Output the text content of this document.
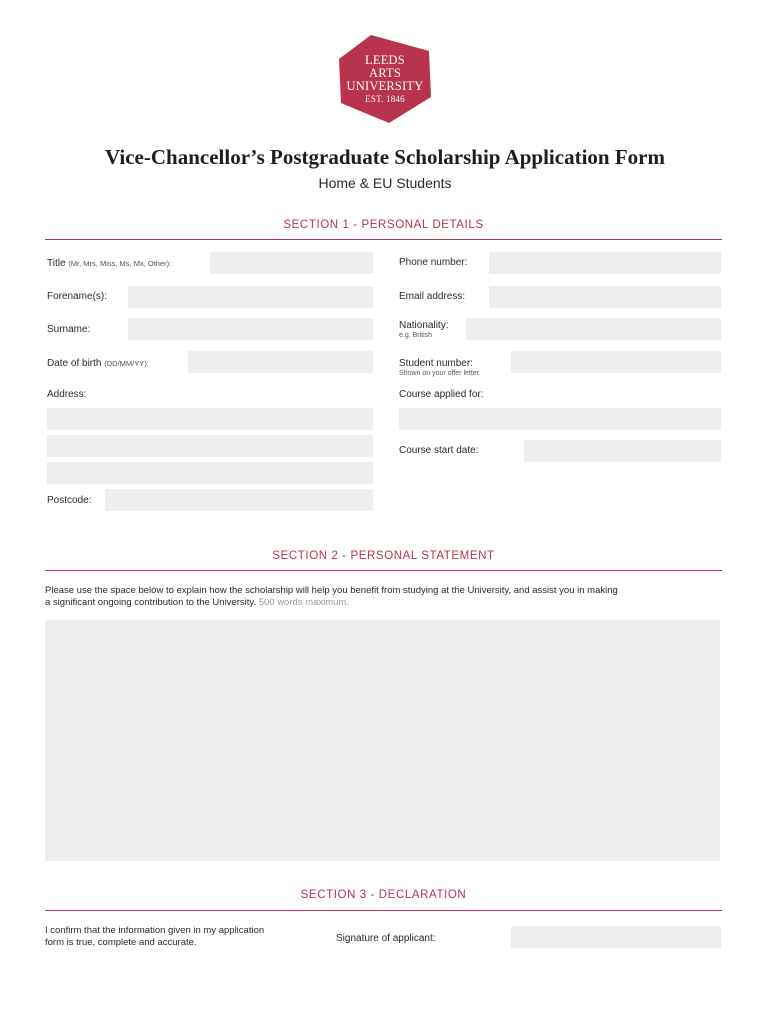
LEEDS
ARTS
UNIVERSITY
EST. 1846
Vice-Chancellor’s Postgraduate Scholarship Application Form
Home & EU Students
SECTION 1 - PERSONAL DETAILS
Title (Mr, Mrs, Miss, Ms, Mx, Other):
Forename(s):
Surname:
Date of birth (DD/MM/YY):
Address:
Postcode:
Phone number:
Email address:
Nationality:
e.g. British
Student number:
Shown on your offer letter.
Course applied for:
Course start date:
SECTION 2 - PERSONAL STATEMENT
Please use the space below to explain how the scholarship will help you benefit from studying at the University, and assist you in making
a significant ongoing contribution to the University. 500 words maximum.
SECTION 3 - DECLARATION
I confirm that the information given in my application
form is true, complete and accurate.	Signature of applicant:
